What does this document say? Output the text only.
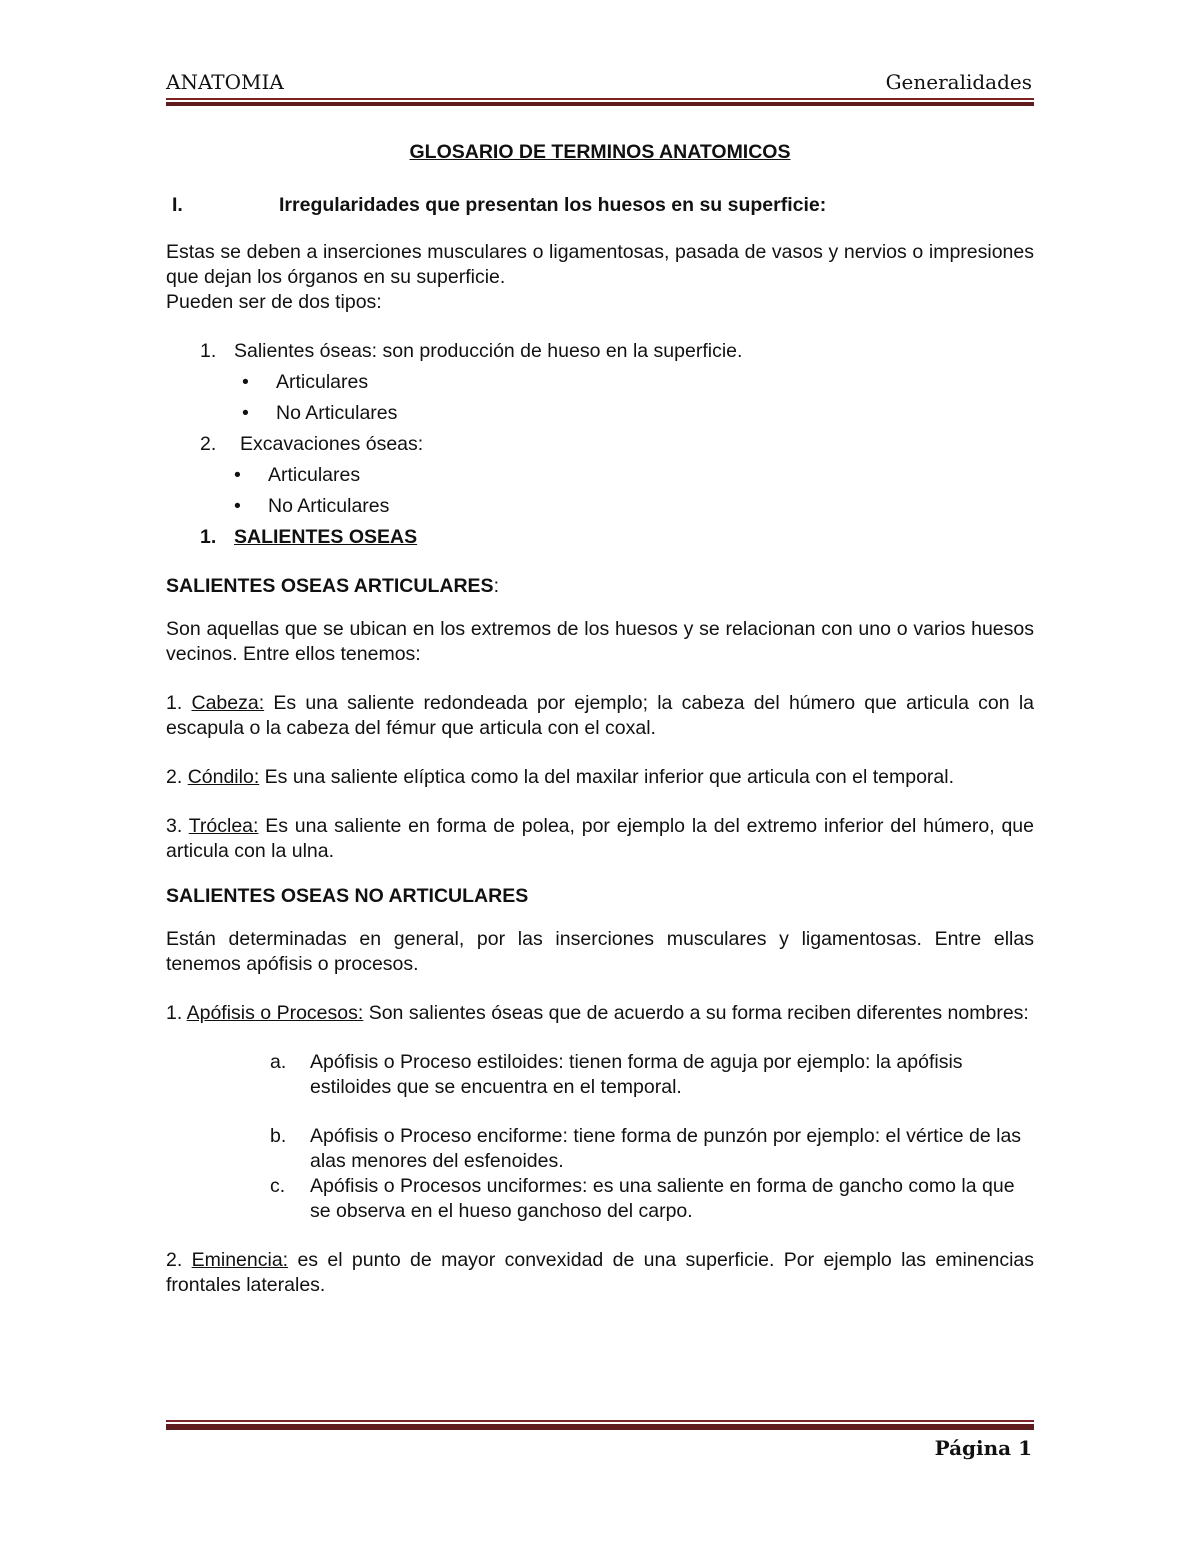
ANATOMIA	Generalidades

GLOSARIO DE TERMINOS ANATOMICOS

I.	Irregularidades que presentan los huesos en su superficie:

Estas se deben a inserciones musculares o ligamentosas, pasada de vasos y nervios o impresiones que dejan los órganos en su superficie.

Pueden ser de dos tipos:

1. Salientes óseas: son producción de hueso en la superficie.
•	Articulares
•	No Articulares
2.	Excavaciones óseas:
•	Articulares
•	No Articulares
1. SALIENTES OSEAS

SALIENTES OSEAS ARTICULARES:

Son aquellas que se ubican en los extremos de los huesos y se relacionan con uno o varios huesos vecinos. Entre ellos tenemos:

1. Cabeza: Es una saliente redondeada por ejemplo; la cabeza del húmero que articula con la escapula o la cabeza del fémur que articula con el coxal.

2. Cóndilo: Es una saliente elíptica como la del maxilar inferior que articula con el temporal.

3. Tróclea: Es una saliente en forma de polea, por ejemplo la del extremo inferior del húmero, que articula con la ulna.

SALIENTES OSEAS NO ARTICULARES

Están determinadas en general, por las inserciones musculares y ligamentosas. Entre ellas tenemos apófisis o procesos.

1. Apófisis o Procesos: Son salientes óseas que de acuerdo a su forma reciben diferentes nombres:

a.	Apófisis o Proceso estiloides: tienen forma de aguja por ejemplo: la apófisis estiloides que se encuentra en el temporal.
b.	Apófisis o Proceso enciforme: tiene forma de punzón por ejemplo: el vértice de las alas menores del esfenoides.
c.	Apófisis o Procesos unciformes: es una saliente en forma de gancho como la que se observa en el hueso ganchoso del carpo.

2. Eminencia: es el punto de mayor convexidad de una superficie. Por ejemplo las eminencias frontales laterales.

Página 1
